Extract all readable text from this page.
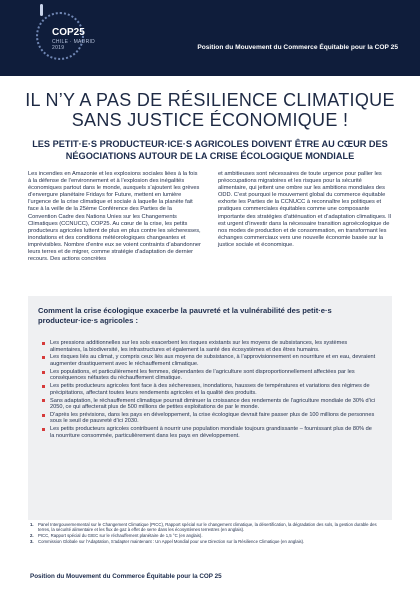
COP25
CHILE · MADRID 2019	Position du Mouvement du Commerce Équitable pour la COP 25
IL N’Y A PAS DE RÉSILIENCE CLIMATIQUE
SANS JUSTICE ÉCONOMIQUE !
LES PETIT·E·S PRODUCTEUR·ICE·S AGRICOLES DOIVENT ÊTRE AU CŒUR DES
NÉGOCIATIONS AUTOUR DE LA CRISE ÉCOLOGIQUE MONDIALE

Les incendies en Amazonie et les explosions sociales liées à la fois à la défense de l’environnement et à l’explosion des inégalités économiques partout dans le monde, auxquels s’ajoutent les grèves d’envergure planétaire Fridays for Future, mettent en lumière l’urgence de la crise climatique et sociale à laquelle la planète fait face à la veille de la 25ème Conférence des Parties de la Convention Cadre des Nations Unies sur les Changements Climatiques (CCNUCC), COP25. Au cœur de la crise, les petits producteurs agricoles luttent de plus en plus contre les sécheresses, inondations et des conditions météorologiques changeantes et imprévisibles. Nombre d’entre eux se voient contraints d’abandonner leurs terres et de migrer, comme stratégie d’adaptation de dernier recours. Des actions concrètes

et ambitieuses sont nécessaires de toute urgence pour pallier les préoccupations migratoires et les risques pour la sécurité alimentaire, qui jettent une ombre sur les ambitions mondiales des ODD. C’est pourquoi le mouvement global du commerce équitable exhorte les Parties de la CCNUCC à reconnaître les politiques et pratiques commerciales équitables comme une composante importante des stratégies d’atténuation et d’adaptation climatiques. Il est urgent d’investir dans la nécessaire transition agroécologique de nos modes de production et de consommation, en transformant les échanges commerciaux vers une nouvelle économie basée sur la justice sociale et économique.

Comment la crise écologique exacerbe la pauvreté et la vulnérabilité des petit·e·s producteur·ice·s agricoles :
Les pressions additionnelles sur les sols exacerbent les risques existants sur les moyens de subsistances, les systèmes alimentaires, la biodiversité, les infrastructures et également la santé des écosystèmes et des êtres humains.
Les risques liés au climat, y compris ceux liés aux moyens de subsistance, à l’approvisionnement en nourriture et en eau, devraient augmenter drastiquement avec le réchauffement climatique.
Les populations, et particulièrement les femmes, dépendantes de l’agriculture sont disproportionnellement affectées par les conséquences néfastes du réchauffement climatique.
Les petits producteurs agricoles font face à des sécheresses, inondations, hausses de températures et variations des régimes de précipitations, affectant toutes leurs rendements agricoles et la qualité des produits.
Sans adaptation, le réchauffement climatique pourrait diminuer la croissance des rendements de l’agriculture mondiale de 30% d’ici 2050, ce qui affecterait plus de 500 millions de petites exploitations de par le monde.
D’après les prévisions, dans les pays en développement, la crise écologique devrait faire passer plus de 100 millions de personnes sous le seuil de pauvreté d’ici 2030.
Les petits producteurs agricoles contribuent à nourrir une population mondiale toujours grandissante – fournissant plus de 80% de la nourriture consommée, particulièrement dans les pays en développement.
1.	Panel Intergouvernemental sur le Changement Climatique (PICC), Rapport spécial sur le changement climatique, la désertification, la dégradation des sols, la gestion durable des terres, la sécurité alimentaire et les flux de gaz à effet de serre dans les écosystèmes terrestres (en anglais).
2.	PICC, Rapport spécial du GIEC sur le réchauffement planétaire de 1,5 °C (en anglais).
3.	Commission Globale sur l’Adaptation, S’adapter maintenant : Un Appel Mondial pour une Direction sur la Résilience Climatique (en anglais).
Position du Mouvement du Commerce Équitable pour la COP 25
